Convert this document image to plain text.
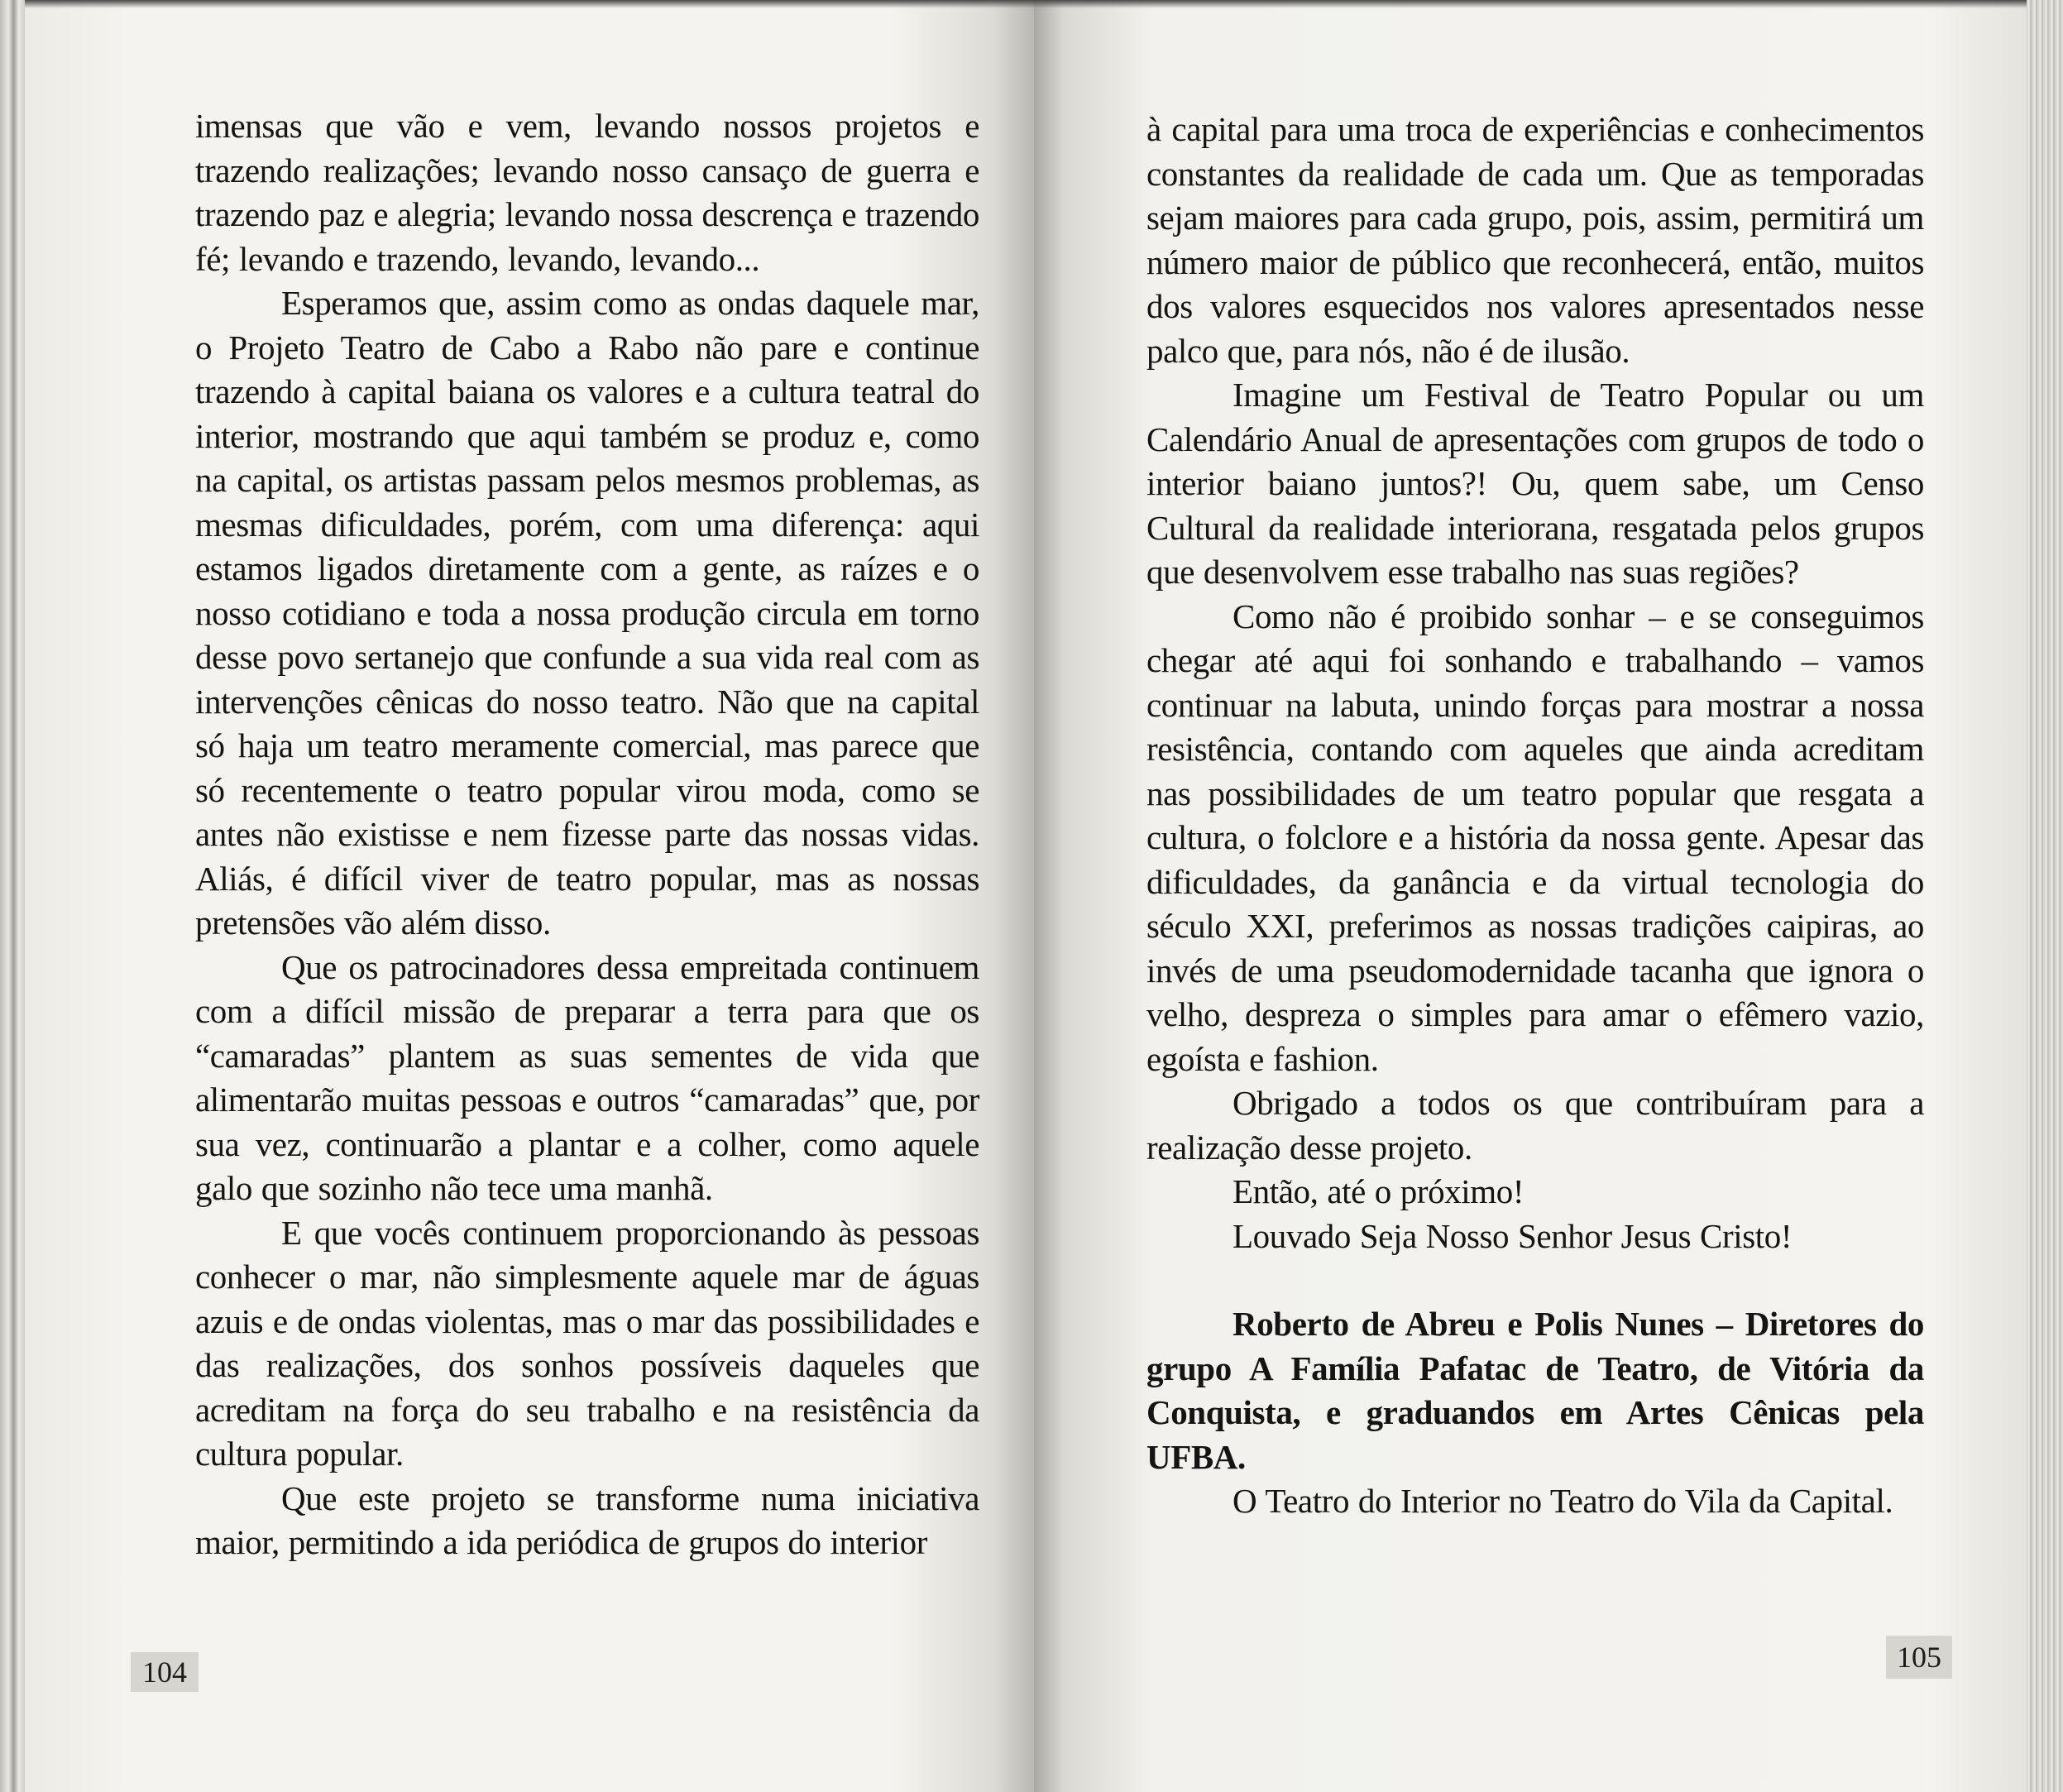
imensas que vão e vem, levando nossos projetos e trazendo realizações; levando nosso cansaço de guerra e trazendo paz e alegria; levando nossa descrença e trazendo fé; levando e trazendo, levando, levando...

Esperamos que, assim como as ondas daquele mar, o Projeto Teatro de Cabo a Rabo não pare e continue trazendo à capital baiana os valores e a cultura teatral do interior, mostrando que aqui também se produz e, como na capital, os artistas passam pelos mesmos problemas, as mesmas dificuldades, porém, com uma diferença: aqui estamos ligados diretamente com a gente, as raízes e o nosso cotidiano e toda a nossa produção circula em torno desse povo sertanejo que confunde a sua vida real com as intervenções cênicas do nosso teatro. Não que na capital só haja um teatro meramente comercial, mas parece que só recentemente o teatro popular virou moda, como se antes não existisse e nem fizesse parte das nossas vidas. Aliás, é difícil viver de teatro popular, mas as nossas pretensões vão além disso.

Que os patrocinadores dessa empreitada continuem com a difícil missão de preparar a terra para que os “camaradas” plantem as suas sementes de vida que alimentarão muitas pessoas e outros “camaradas” que, por sua vez, continuarão a plantar e a colher, como aquele galo que sozinho não tece uma manhã.

E que vocês continuem proporcionando às pessoas conhecer o mar, não simplesmente aquele mar de águas azuis e de ondas violentas, mas o mar das possibilidades e das realizações, dos sonhos possíveis daqueles que acreditam na força do seu trabalho e na resistência da cultura popular.

Que este projeto se transforme numa iniciativa maior, permitindo a ida periódica de grupos do interior

104

à capital para uma troca de experiências e conhecimentos constantes da realidade de cada um. Que as temporadas sejam maiores para cada grupo, pois, assim, permitirá um número maior de público que reconhecerá, então, muitos dos valores esquecidos nos valores apresentados nesse palco que, para nós, não é de ilusão.

Imagine um Festival de Teatro Popular ou um Calendário Anual de apresentações com grupos de todo o interior baiano juntos?! Ou, quem sabe, um Censo Cultural da realidade interiorana, resgatada pelos grupos que desenvolvem esse trabalho nas suas regiões?

Como não é proibido sonhar – e se conseguimos chegar até aqui foi sonhando e trabalhando – vamos continuar na labuta, unindo forças para mostrar a nossa resistência, contando com aqueles que ainda acreditam nas possibilidades de um teatro popular que resgata a cultura, o folclore e a história da nossa gente. Apesar das dificuldades, da ganância e da virtual tecnologia do século XXI, preferimos as nossas tradições caipiras, ao invés de uma pseudomodernidade tacanha que ignora o velho, despreza o simples para amar o efêmero vazio, egoísta e fashion.

Obrigado a todos os que contribuíram para a realização desse projeto.

Então, até o próximo!

Louvado Seja Nosso Senhor Jesus Cristo!

Roberto de Abreu e Polis Nunes – Diretores do grupo A Família Pafatac de Teatro, de Vitória da Conquista, e graduandos em Artes Cênicas pela UFBA.

O Teatro do Interior no Teatro do Vila da Capital.

105
